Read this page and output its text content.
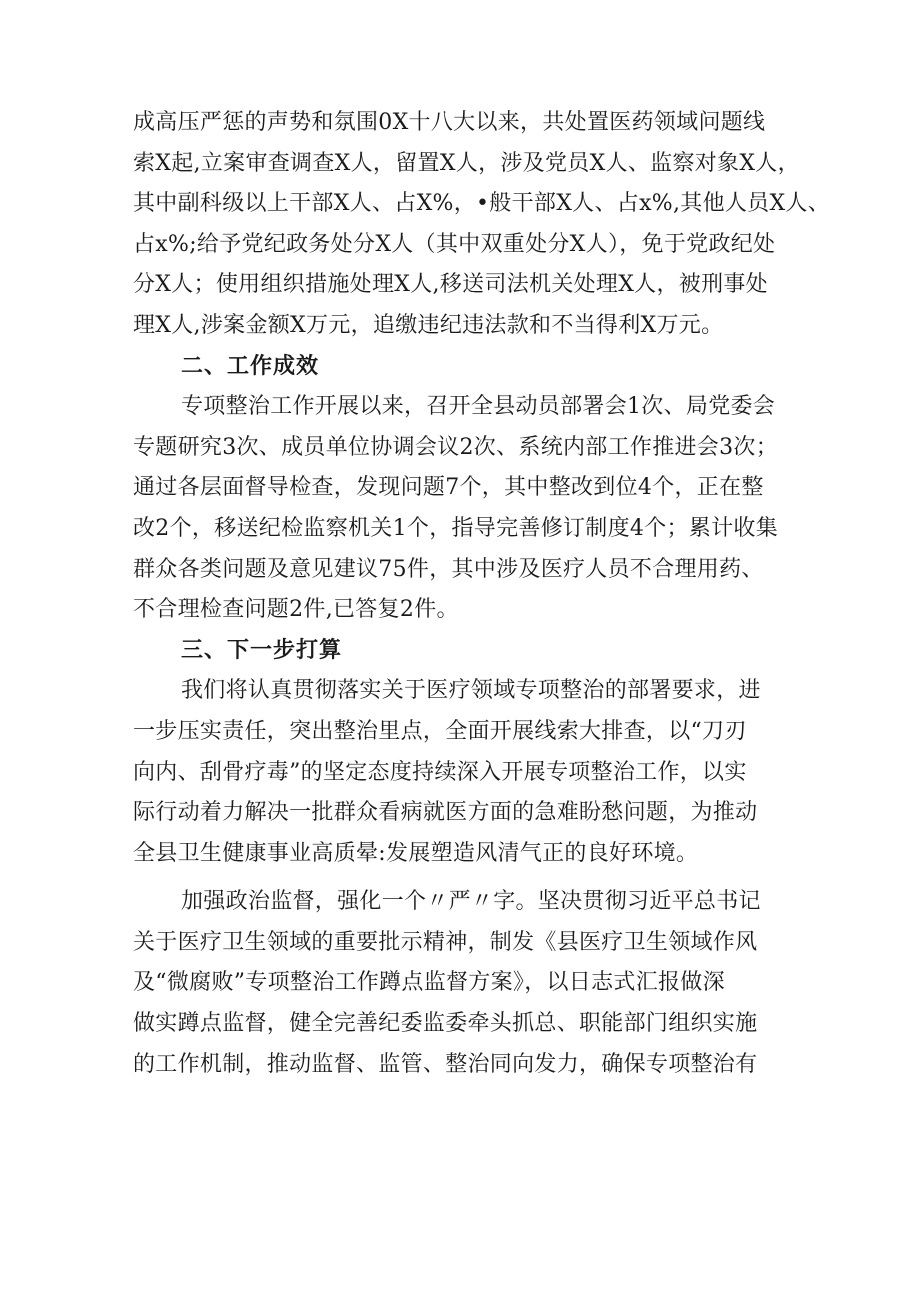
成高压严惩的声势和氛围0X十八大以来，共处置医药领域问题线
索X起,立案审查调查X人，留置X人，涉及党员X人、监察对象X人，
其中副科级以上干部X人、占X%，•般干部X人、占x%,其他人员X人、
占x%;给予党纪政务处分X人（其中双重处分X人），免于党政纪处
分X人；使用组织措施处理X人,移送司法机关处理X人，被刑事处
理X人,涉案金额X万元，追缴违纪违法款和不当得利X万元。
二、工作成效
专项整治工作开展以来，召开全县动员部署会1次、局党委会
专题研究3次、成员单位协调会议2次、系统内部工作推进会3次；
通过各层面督导检查，发现问题7个，其中整改到位4个，正在整
改2个，移送纪检监察机关1个，指导完善修订制度4个；累计收集
群众各类问题及意见建议75件，其中涉及医疗人员不合理用药、
不合理检查问题2件,已答复2件。
三、下一步打算
我们将认真贯彻落实关于医疗领域专项整治的部署要求，进
一步压实责任，突出整治里点，全面开展线索大排查，以“刀刃
向内、刮骨疗毒”的坚定态度持续深入开展专项整治工作，以实
际行动着力解决一批群众看病就医方面的急难盼愁问题，为推动
全县卫生健康事业高质晕:发展塑造风清气正的良好环境。
加强政治监督，强化一个〃严〃字。坚决贯彻习近平总书记
关于医疗卫生领域的重要批示精神，制发《县医疗卫生领域作风
及“微腐败”专项整治工作蹲点监督方案》，以日志式汇报做深
做实蹲点监督，健全完善纪委监委牵头抓总、职能部门组织实施
的工作机制，推动监督、监管、整治同向发力，确保专项整治有
